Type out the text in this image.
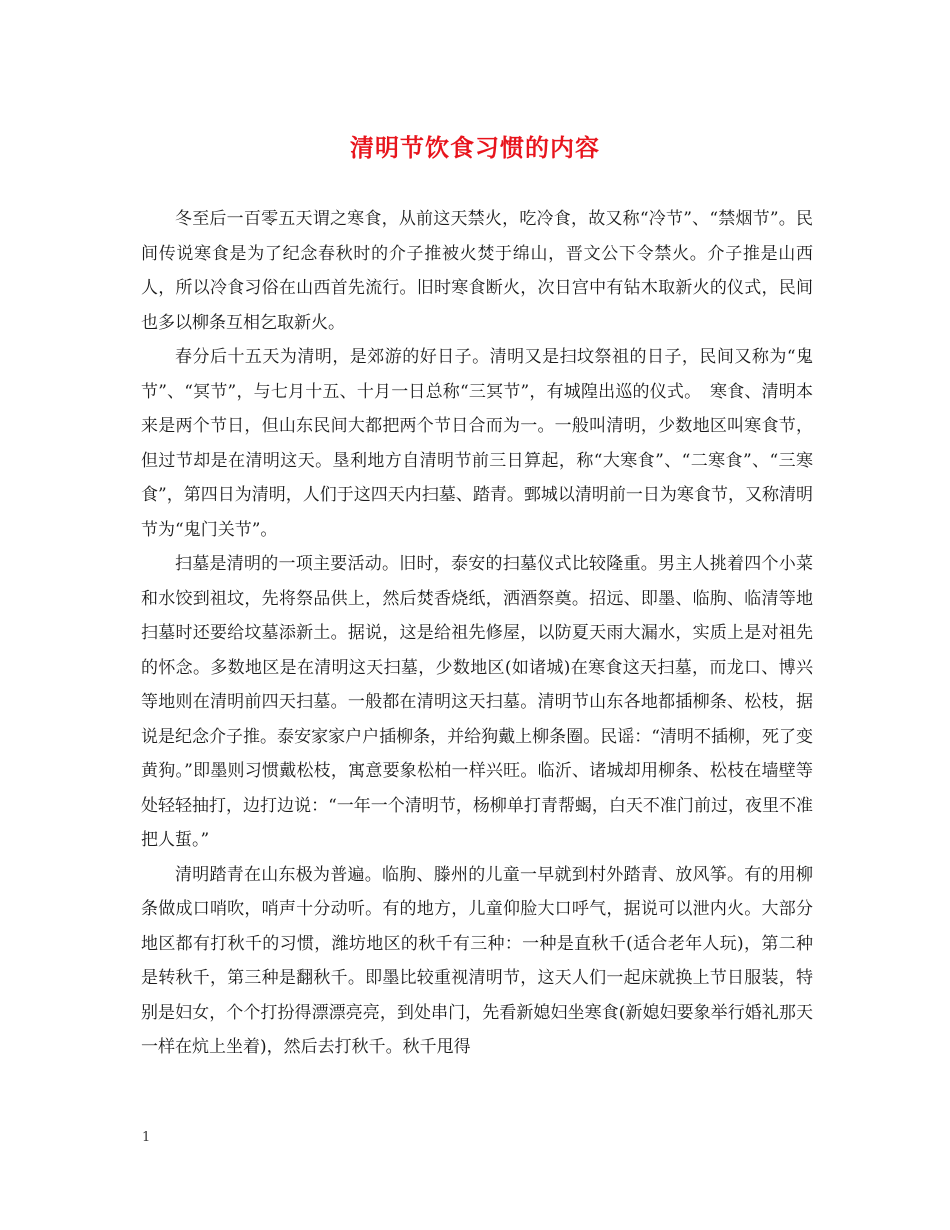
清明节饮食习惯的内容

冬至后一百零五天谓之寒食，从前这天禁火，吃冷食，故又称“冷节”、“禁烟节”。民间传说寒食是为了纪念春秋时的介子推被火焚于绵山，晋文公下令禁火。介子推是山西人，所以冷食习俗在山西首先流行。旧时寒食断火，次日宫中有钻木取新火的仪式，民间也多以柳条互相乞取新火。

春分后十五天为清明，是郊游的好日子。清明又是扫坟祭祖的日子，民间又称为“鬼节”、“冥节”，与七月十五、十月一日总称“三冥节”，有城隍出巡的仪式。　寒食、清明本来是两个节日，但山东民间大都把两个节日合而为一。一般叫清明，少数地区叫寒食节，但过节却是在清明这天。垦利地方自清明节前三日算起，称“大寒食”、“二寒食”、“三寒食”，第四日为清明，人们于这四天内扫墓、踏青。鄄城以清明前一日为寒食节，又称清明节为“鬼门关节”。

扫墓是清明的一项主要活动。旧时，泰安的扫墓仪式比较隆重。男主人挑着四个小菜和水饺到祖坟，先将祭品供上，然后焚香烧纸，洒酒祭奠。招远、即墨、临朐、临清等地扫墓时还要给坟墓添新土。据说，这是给祖先修屋，以防夏天雨大漏水，实质上是对祖先的怀念。多数地区是在清明这天扫墓，少数地区(如诸城)在寒食这天扫墓，而龙口、博兴等地则在清明前四天扫墓。一般都在清明这天扫墓。清明节山东各地都插柳条、松枝，据说是纪念介子推。泰安家家户户插柳条，并给狗戴上柳条圈。民谣：“清明不插柳，死了变黄狗。”即墨则习惯戴松枝，寓意要象松柏一样兴旺。临沂、诸城却用柳条、松枝在墙壁等处轻轻抽打，边打边说：“一年一个清明节，杨柳单打青帮蝎，白天不准门前过，夜里不准把人蜇。”

清明踏青在山东极为普遍。临朐、滕州的儿童一早就到村外踏青、放风筝。有的用柳条做成口哨吹，哨声十分动听。有的地方，儿童仰脸大口呼气，据说可以泄内火。大部分地区都有打秋千的习惯，潍坊地区的秋千有三种：一种是直秋千(适合老年人玩)，第二种是转秋千，第三种是翻秋千。即墨比较重视清明节，这天人们一起床就换上节日服装，特别是妇女，个个打扮得漂漂亮亮，到处串门，先看新媳妇坐寒食(新媳妇要象举行婚礼那天一样在炕上坐着)，然后去打秋千。秋千甩得

1
